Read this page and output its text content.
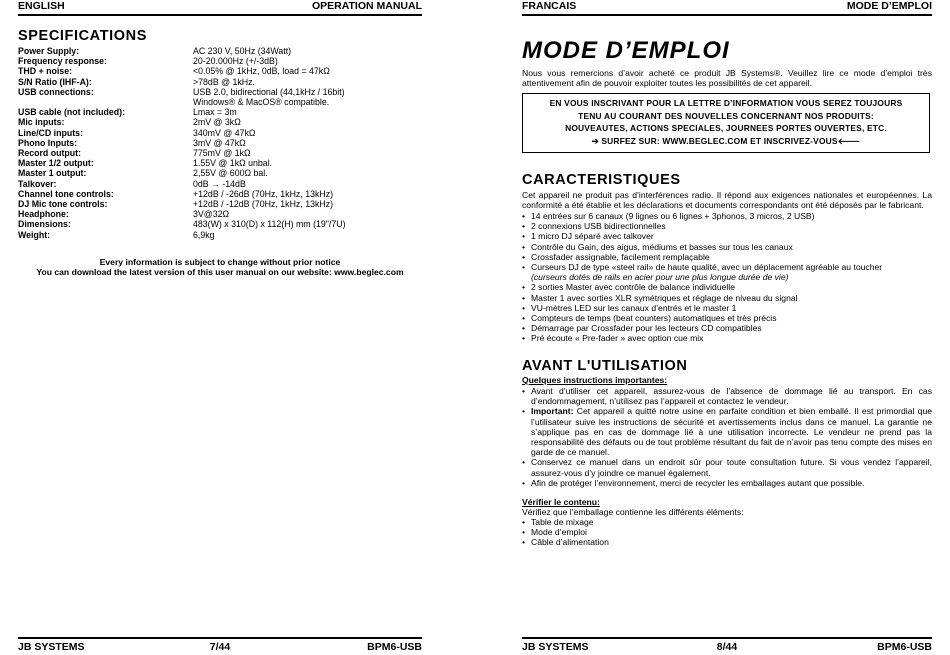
ENGLISH	OPERATION MANUAL
SPECIFICATIONS
Power Supply:	AC 230 V, 50Hz (34Watt)
Frequency response:	20-20.000Hz (+/-3dB)
THD + noise:	<0.05% @ 1kHz, 0dB, load = 47kΩ
S/N Ratio (IHF-A):	>78dB @ 1kHz.
USB connections:	USB 2.0, bidirectional (44,1kHz / 16bit)
Windows® & MacOS® compatible.
USB cable (not included):	Lmax = 3m
Mic inputs:	2mV @ 3kΩ
Line/CD inputs:	340mV @ 47kΩ
Phono Inputs:	3mV @ 47kΩ
Record output:	775mV @ 1kΩ
Master 1/2 output:	1.55V @ 1kΩ unbal.
Master 1 output:	2,55V @ 600Ω bal.
Talkover:	0dB → -14dB
Channel tone controls:	+12dB / -26dB (70Hz, 1kHz, 13kHz)
DJ Mic tone controls:	+12dB / -12dB (70Hz, 1kHz, 13kHz)
Headphone:	3V@32Ω
Dimensions:	483(W) x 310(D) x 112(H) mm (19"/7U)
Weight:	6,9kg
Every information is subject to change without prior notice
You can download the latest version of this user manual on our website: www.beglec.com
JB SYSTEMS	7/44	BPM6-USB
FRANCAIS	MODE D’EMPLOI
MODE D’EMPLOI
Nous vous remercions d’avoir acheté ce produit JB Systems®. Veuillez lire ce mode d’emploi très attentivement afin de pouvoir exploiter toutes les possibilités de cet appareil.
EN VOUS INSCRIVANT POUR LA LETTRE D’INFORMATION VOUS SEREZ TOUJOURS
TENU AU COURANT DES NOUVELLES CONCERNANT NOS PRODUITS:
NOUVEAUTES, ACTIONS SPECIALES, JOURNEES PORTES OUVERTES, ETC.
➔ SURFEZ SUR: WWW.BEGLEC.COM ET INSCRIVEZ-VOUS🡐
CARACTERISTIQUES
Cet appareil ne produit pas d’interférences radio. Il répond aux exigences nationales et européennes. La conformité a été établie et les déclarations et documents correspondants ont été déposés par le fabricant.
• 14 entrées sur 6 canaux (9 lignes ou 6 lignes + 3phonos, 3 micros, 2 USB)
• 2 connexions USB bidirectionnelles
• 1 micro DJ séparé avec talkover
• Contrôle du Gain, des aigus, médiums et basses sur tous les canaux
• Crossfader assignable, facilement remplaçable
• Curseurs DJ de type «steel rail» de haute qualité, avec un déplacement agréable au toucher
(curseurs dotés de rails en acier pour une plus longue durée de vie)
• 2 sorties Master avec contrôle de balance individuelle
• Master 1 avec sorties XLR symétriques et réglage de niveau du signal
• VU-mètres LED sur les canaux d’entrés et le master 1
• Compteurs de temps (beat counters) automatiques et très précis
• Démarrage par Crossfader pour les lecteurs CD compatibles
• Pré écoute « Pre-fader » avec option cue mix
AVANT L'UTILISATION
Quelques instructions importantes:
• Avant d’utiliser cet appareil, assurez-vous de l’absence de dommage lié au transport. En cas d’endommagement, n’utilisez pas l’appareil et contactez le vendeur.
• Important: Cet appareil a quitté notre usine en parfaite condition et bien emballé. Il est primordial que l’utilisateur suive les instructions de sécurité et avertissements inclus dans ce manuel. La garantie ne s’applique pas en cas de dommage lié à une utilisation incorrecte. Le vendeur ne prend pas la responsabilité des défauts ou de tout problème résultant du fait de n’avoir pas tenu compte des mises en garde de ce manuel.
• Conservez ce manuel dans un endroit sûr pour toute consultation future. Si vous vendez l’appareil, assurez-vous d’y joindre ce manuel également.
• Afin de protéger l’environnement, merci de recycler les emballages autant que possible.
Vérifier le contenu:
Vérifiez que l’emballage contienne les différents éléments:
• Table de mixage
• Mode d’emploi
• Câble d’alimentation
JB SYSTEMS	8/44	BPM6-USB
